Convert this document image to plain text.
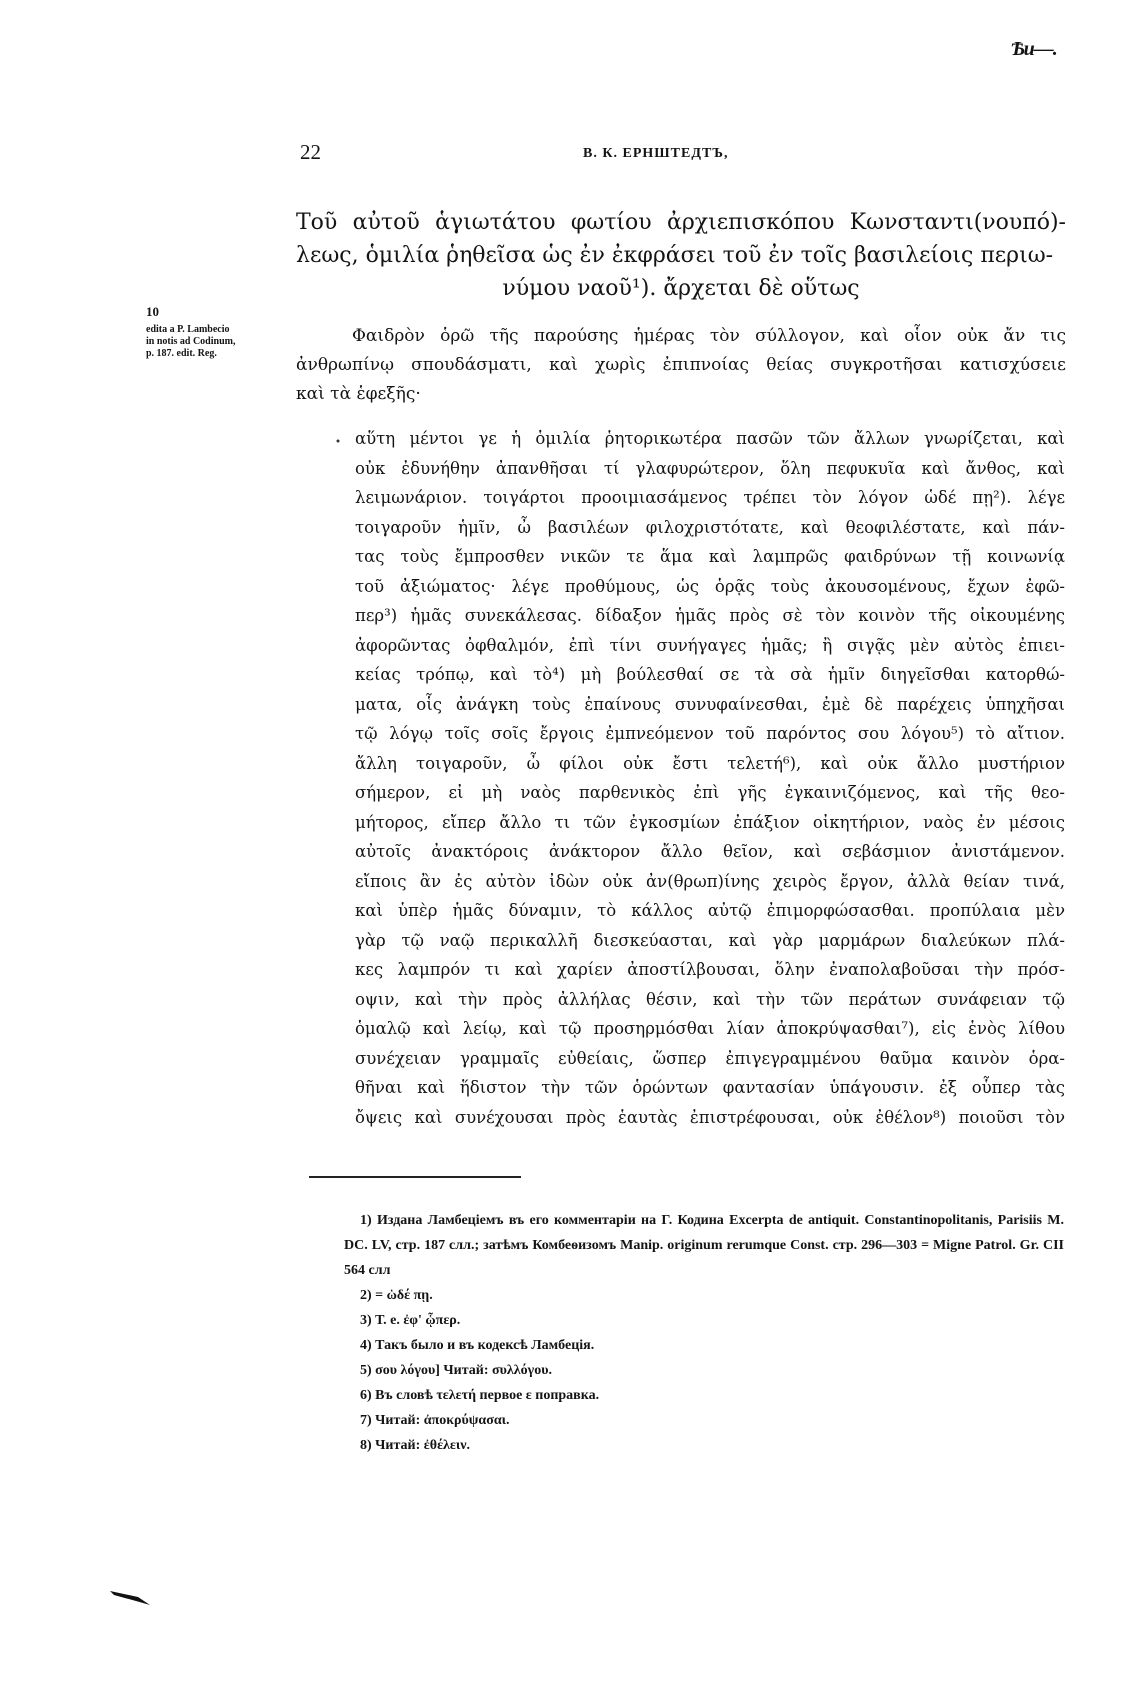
Ѣu—.
22	В. К. ЕРНШТЕДТЪ,
Τοῦ αὐτοῦ ἁγιωτάτου φωτίου ἀρχιεπισκόπου Κωνσταντι(νουπό)- λεως, ὁμιλία ῥηθεῖσα ὡς ἐν ἐκφράσει τοῦ ἐν τοῖς βασιλείοις περιω-
νύμου ναοῦ¹). ἄρχεται δὲ οὕτως
10
edita a P. Lambecio
in notis ad Codinum,
p. 187. edit. Reg.
Φαιδρὸν ὁρῶ τῆς παρούσης ἡμέρας τὸν σύλλογον, καὶ οἷον οὐκ ἄν τις
ἀνθρωπίνῳ σπουδάσματι, καὶ χωρὶς ἐπιπνοίας θείας συγκροτῆσαι κατισχύσειε
καὶ τὰ ἑφεξῆς·
αὕτη μέντοι γε ἡ ὁμιλία ῥητορικωτέρα πασῶν τῶν ἄλλων γνωρίζεται, καὶ
οὐκ ἐδυνήθην ἀπανθῆσαι τί γλαφυρώτερον, ὅλη πεφυκυῖα καὶ ἄνθος, καὶ
λειμωνάριον. τοιγάρτοι προοιμιασάμενος τρέπει τὸν λόγον ὡδέ πῃ²). λέγε
τοιγαροῦν ἡμῖν, ὦ βασιλέων φιλοχριστότατε, καὶ θεοφιλέστατε, καὶ πάν-
τας τοὺς ἔμπροσθεν νικῶν τε ἅμα καὶ λαμπρῶς φαιδρύνων τῇ κοινωνίᾳ
τοῦ ἀξιώματος· λέγε προθύμους, ὡς ὁρᾷς τοὺς ἀκουσομένους, ἔχων ἐφῶ-
περ³) ἡμᾶς συνεκάλεσας. δίδαξον ἡμᾶς πρὸς σὲ τὸν κοινὸν τῆς οἰκουμένης
ἀφορῶντας ὀφθαλμόν, ἐπὶ τίνι συνήγαγες ἡμᾶς; ἢ σιγᾷς μὲν αὐτὸς ἐπιει-
κείας τρόπῳ, καὶ τὸ⁴) μὴ βούλεσθαί σε τὰ σὰ ἡμῖν διηγεῖσθαι κατορθώ-
ματα, οἷς ἀνάγκη τοὺς ἐπαίνους συνυφαίνεσθαι, ἐμὲ δὲ παρέχεις ὑπηχῆσαι
τῷ λόγῳ τοῖς σοῖς ἔργοις ἐμπνεόμενον τοῦ παρόντος σου λόγου⁵) τὸ αἴτιον.
ἄλλη τοιγαροῦν, ὦ φίλοι οὐκ ἔστι τελετή⁶), καὶ οὐκ ἄλλο μυστήριον
σήμερον, εἰ μὴ ναὸς παρθενικὸς ἐπὶ γῆς ἐγκαινιζόμενος, καὶ τῆς θεο-
μήτορος, εἴπερ ἄλλο τι τῶν ἐγκοσμίων ἐπάξιον οἰκητήριον, ναὸς ἐν μέσοις
αὐτοῖς ἀνακτόροις ἀνάκτορον ἄλλο θεῖον, καὶ σεβάσμιον ἀνιστάμενον.
εἴποις ἂν ἐς αὐτὸν ἰδὼν οὐκ ἀν(θρωπ)ίνης χειρὸς ἔργον, ἀλλὰ θείαν τινά,
καὶ ὑπὲρ ἡμᾶς δύναμιν, τὸ κάλλος αὐτῷ ἐπιμορφώσασθαι. προπύλαια μὲν
γὰρ τῷ ναῷ περικαλλῆ διεσκεύασται, καὶ γὰρ μαρμάρων διαλεύκων πλά-
κες λαμπρόν τι καὶ χαρίεν ἀποστίλβουσαι, ὅλην ἐναπολαβοῦσαι τὴν πρόσ-
οψιν, καὶ τὴν πρὸς ἀλλήλας θέσιν, καὶ τὴν τῶν περάτων συνάφειαν τῷ
ὁμαλῷ καὶ λείῳ, καὶ τῷ προσηρμόσθαι λίαν ἀποκρύψασθαι⁷), εἰς ἑνὸς λίθου
συνέχειαν γραμμαῖς εὐθείαις, ὥσπερ ἐπιγεγραμμένου θαῦμα καινὸν ὁρα-
θῆναι καὶ ἥδιστον τὴν τῶν ὁρώντων φαντασίαν ὑπάγουσιν. ἐξ οὗπερ τὰς
ὄψεις καὶ συνέχουσαι πρὸς ἑαυτὰς ἐπιστρέφουσαι, οὐκ ἐθέλον⁸) ποιοῦσι τὸν
1) Издана Ламбеціемъ въ его комментаріи на Г. Кодина Excerpta de antiquit. Constantinopolitanis, Parisiis M. DC. LV, стр. 187 слл.; затѣмъ Комбеѳизомъ Manip. originum rerumque Const. стр. 296—303 = Migne Patrol. Gr. CII 564 слл
2) = ὡδέ πῃ.
3) Т. е. ἐφ' ᾧπερ.
4) Такъ было и въ кодексѣ Ламбеція.
5) σου λόγου] Читай: συλλόγου.
6) Въ словѣ τελετή первое ε поправка.
7) Читай: ἀποκρύψασαι.
8) Читай: ἐθέλειν.
